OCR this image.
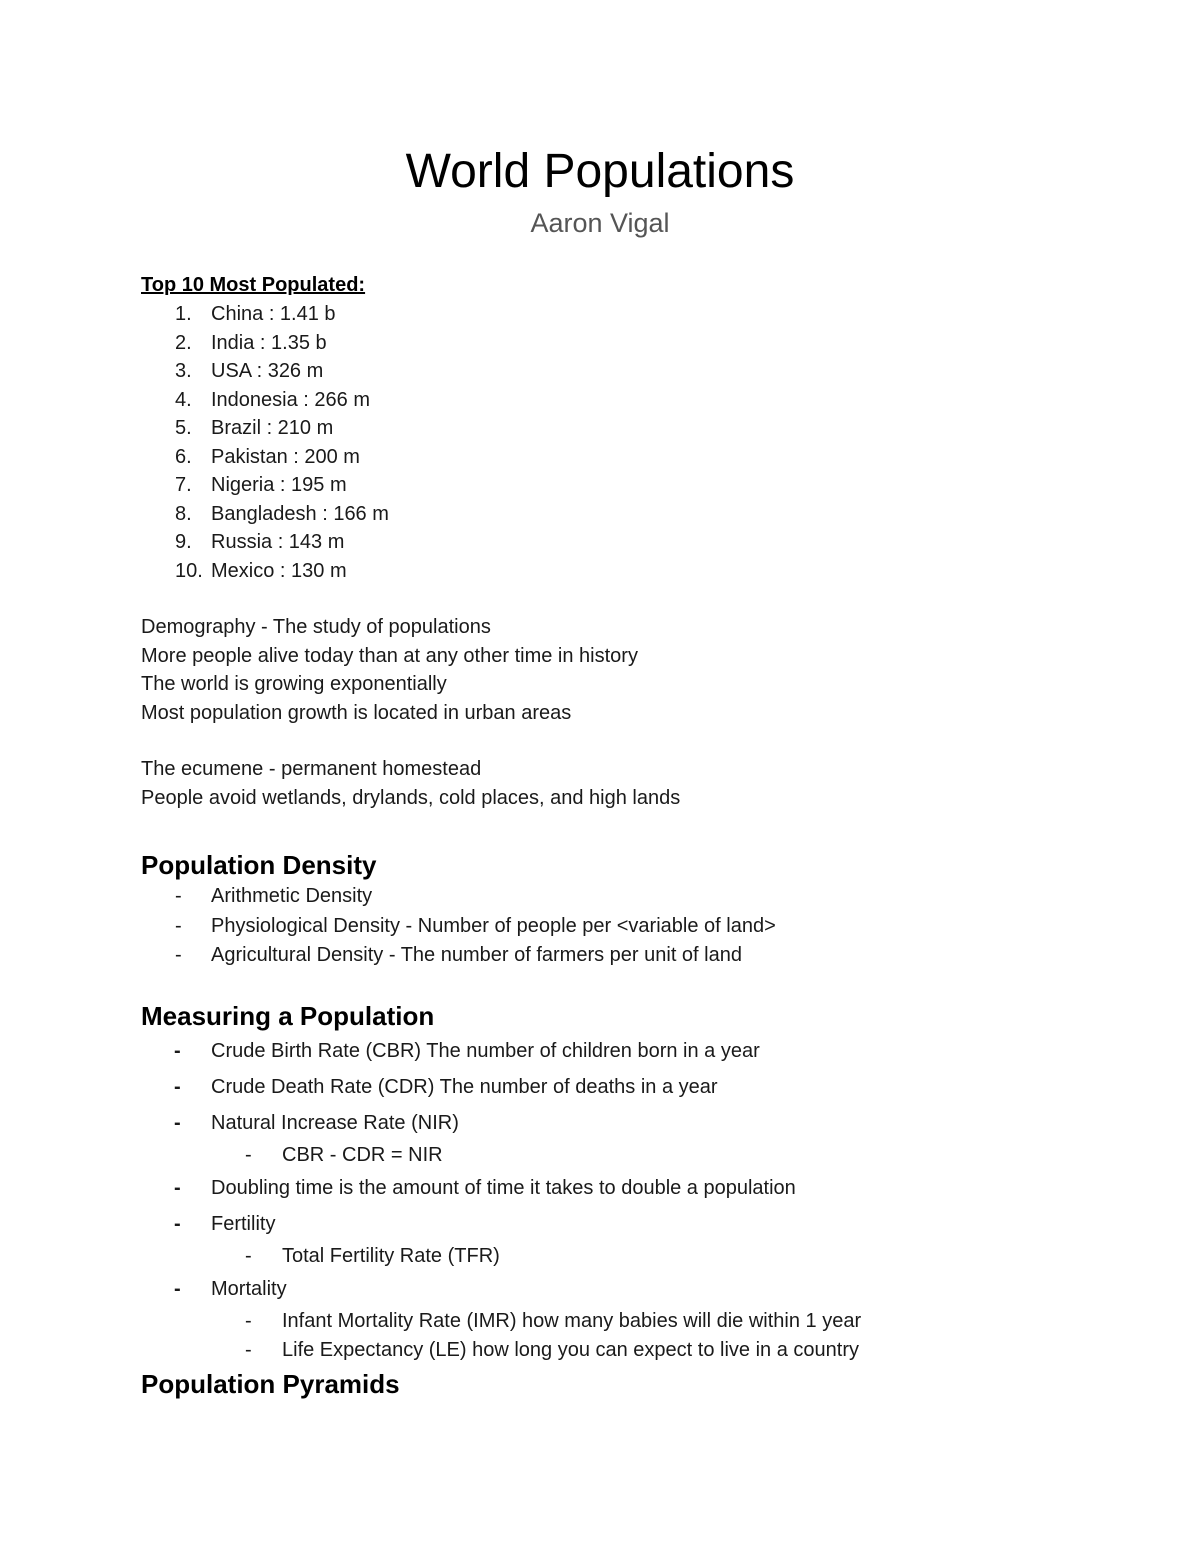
World Populations
Aaron Vigal
Top 10 Most Populated:
1. China : 1.41 b
2. India : 1.35 b
3. USA : 326 m
4. Indonesia : 266 m
5. Brazil : 210 m
6. Pakistan : 200 m
7. Nigeria : 195 m
8. Bangladesh : 166 m
9. Russia : 143 m
10. Mexico : 130 m
Demography - The study of populations
More people alive today than at any other time in history
The world is growing exponentially
Most population growth is located in urban areas
The ecumene - permanent homestead
People avoid wetlands, drylands, cold places, and high lands
Population Density
- Arithmetic Density
- Physiological Density - Number of people per <variable of land>
- Agricultural Density - The number of farmers per unit of land
Measuring a Population
- Crude Birth Rate (CBR) The number of children born in a year
- Crude Death Rate (CDR) The number of deaths in a year
- Natural Increase Rate (NIR)
- CBR - CDR = NIR
- Doubling time is the amount of time it takes to double a population
- Fertility
- Total Fertility Rate (TFR)
- Mortality
- Infant Mortality Rate (IMR) how many babies will die within 1 year
- Life Expectancy (LE) how long you can expect to live in a country
Population Pyramids
